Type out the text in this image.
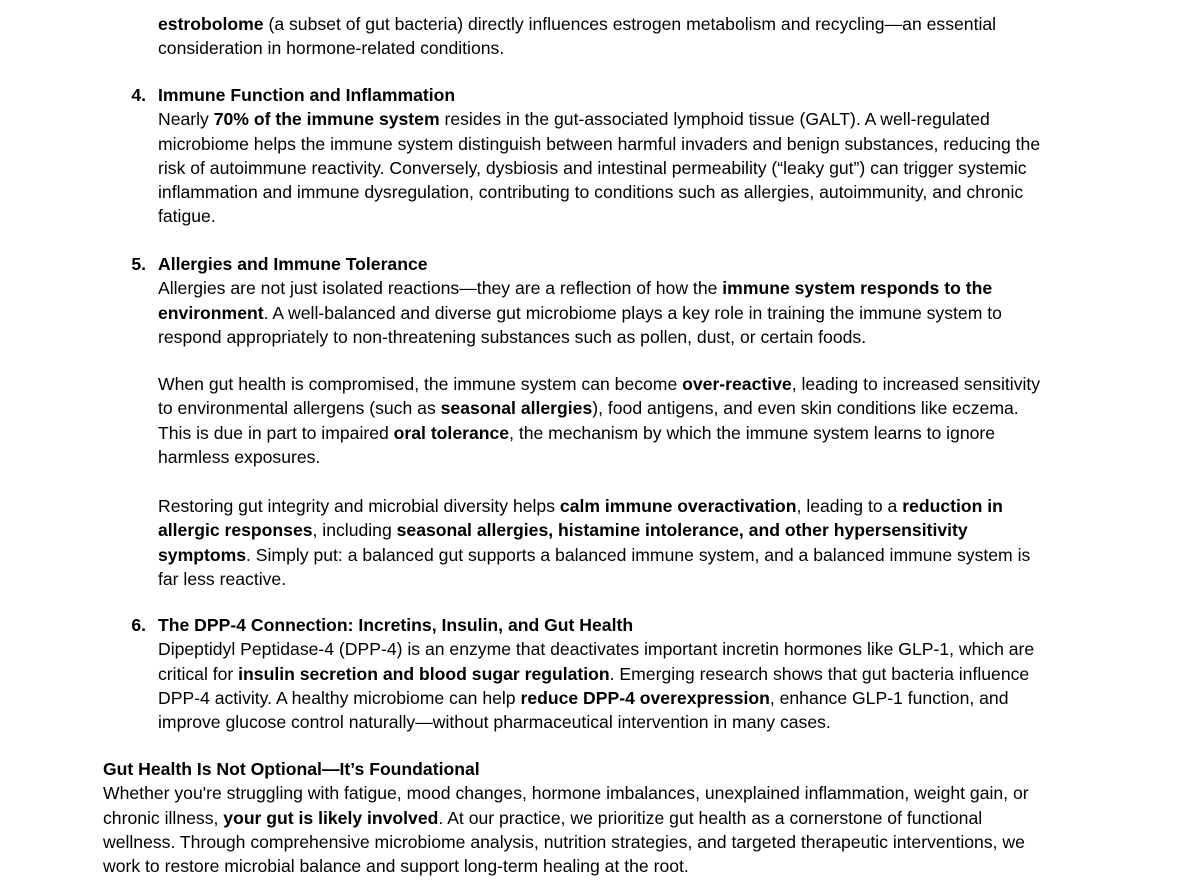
estrobolome (a subset of gut bacteria) directly influences estrogen metabolism and recycling—an essential
consideration in hormone-related conditions.
4. Immune Function and Inflammation
Nearly 70% of the immune system resides in the gut-associated lymphoid tissue (GALT). A well-regulated
microbiome helps the immune system distinguish between harmful invaders and benign substances, reducing the
risk of autoimmune reactivity. Conversely, dysbiosis and intestinal permeability (“leaky gut”) can trigger systemic
inflammation and immune dysregulation, contributing to conditions such as allergies, autoimmunity, and chronic
fatigue.
5. Allergies and Immune Tolerance
Allergies are not just isolated reactions—they are a reflection of how the immune system responds to the
environment. A well-balanced and diverse gut microbiome plays a key role in training the immune system to
respond appropriately to non-threatening substances such as pollen, dust, or certain foods.
When gut health is compromised, the immune system can become over-reactive, leading to increased sensitivity
to environmental allergens (such as seasonal allergies), food antigens, and even skin conditions like eczema.
This is due in part to impaired oral tolerance, the mechanism by which the immune system learns to ignore
harmless exposures.
Restoring gut integrity and microbial diversity helps calm immune overactivation, leading to a reduction in
allergic responses, including seasonal allergies, histamine intolerance, and other hypersensitivity
symptoms. Simply put: a balanced gut supports a balanced immune system, and a balanced immune system is
far less reactive.
6. The DPP-4 Connection: Incretins, Insulin, and Gut Health
Dipeptidyl Peptidase-4 (DPP-4) is an enzyme that deactivates important incretin hormones like GLP-1, which are
critical for insulin secretion and blood sugar regulation. Emerging research shows that gut bacteria influence
DPP-4 activity. A healthy microbiome can help reduce DPP-4 overexpression, enhance GLP-1 function, and
improve glucose control naturally—without pharmaceutical intervention in many cases.
Gut Health Is Not Optional—It’s Foundational
Whether you're struggling with fatigue, mood changes, hormone imbalances, unexplained inflammation, weight gain, or
chronic illness, your gut is likely involved. At our practice, we prioritize gut health as a cornerstone of functional
wellness. Through comprehensive microbiome analysis, nutrition strategies, and targeted therapeutic interventions, we
work to restore microbial balance and support long-term healing at the root.
